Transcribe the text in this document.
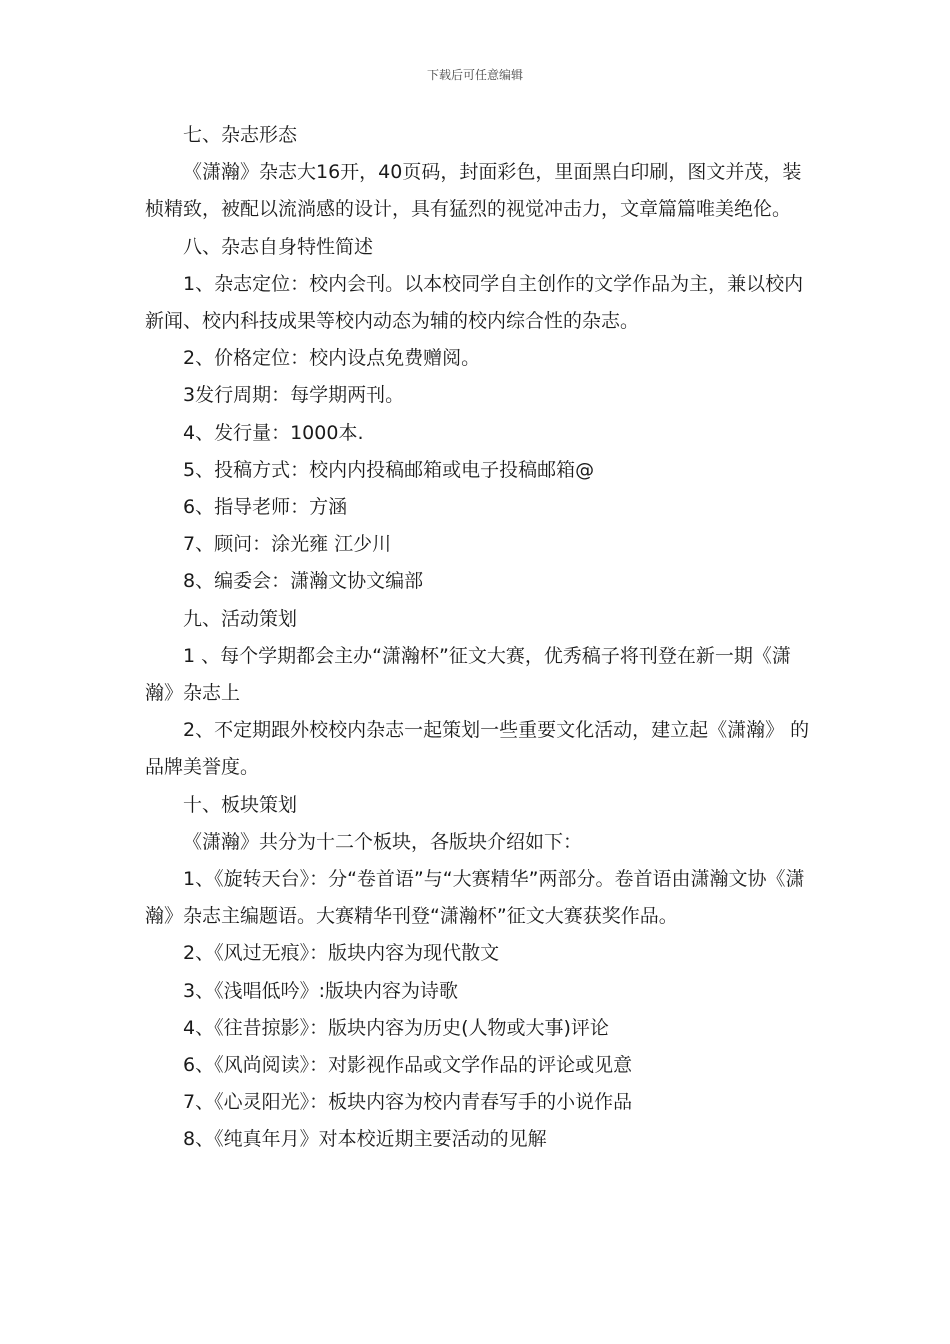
下载后可任意编辑

七、杂志形态

《潇瀚》杂志大16开，40页码，封面彩色，里面黑白印刷，图文并茂，装桢精致，被配以流淌感的设计，具有猛烈的视觉冲击力，文章篇篇唯美绝伦。

八、杂志自身特性简述

1、杂志定位：校内会刊。以本校同学自主创作的文学作品为主，兼以校内新闻、校内科技成果等校内动态为辅的校内综合性的杂志。

2、价格定位：校内设点免费赠阅。

3发行周期：每学期两刊。

4、发行量：1000本.

5、投稿方式：校内内投稿邮箱或电子投稿邮箱@

6、指导老师：方涵

7、顾问：涂光雍 江少川

8、编委会：潇瀚文协文编部

九、活动策划

1 、每个学期都会主办“潇瀚杯”征文大赛，优秀稿子将刊登在新一期《潇瀚》杂志上

2、不定期跟外校校内杂志一起策划一些重要文化活动，建立起《潇瀚》 的品牌美誉度。

十、板块策划

《潇瀚》共分为十二个板块，各版块介绍如下：

1、《旋转天台》：分“卷首语”与“大赛精华”两部分。卷首语由潇瀚文协《潇瀚》杂志主编题语。大赛精华刊登“潇瀚杯”征文大赛获奖作品。

2、《风过无痕》：版块内容为现代散文

3、《浅唱低吟》:版块内容为诗歌

4、《往昔掠影》：版块内容为历史(人物或大事)评论

6、《风尚阅读》：对影视作品或文学作品的评论或见意

7、《心灵阳光》：板块内容为校内青春写手的小说作品

8、《纯真年月》对本校近期主要活动的见解
